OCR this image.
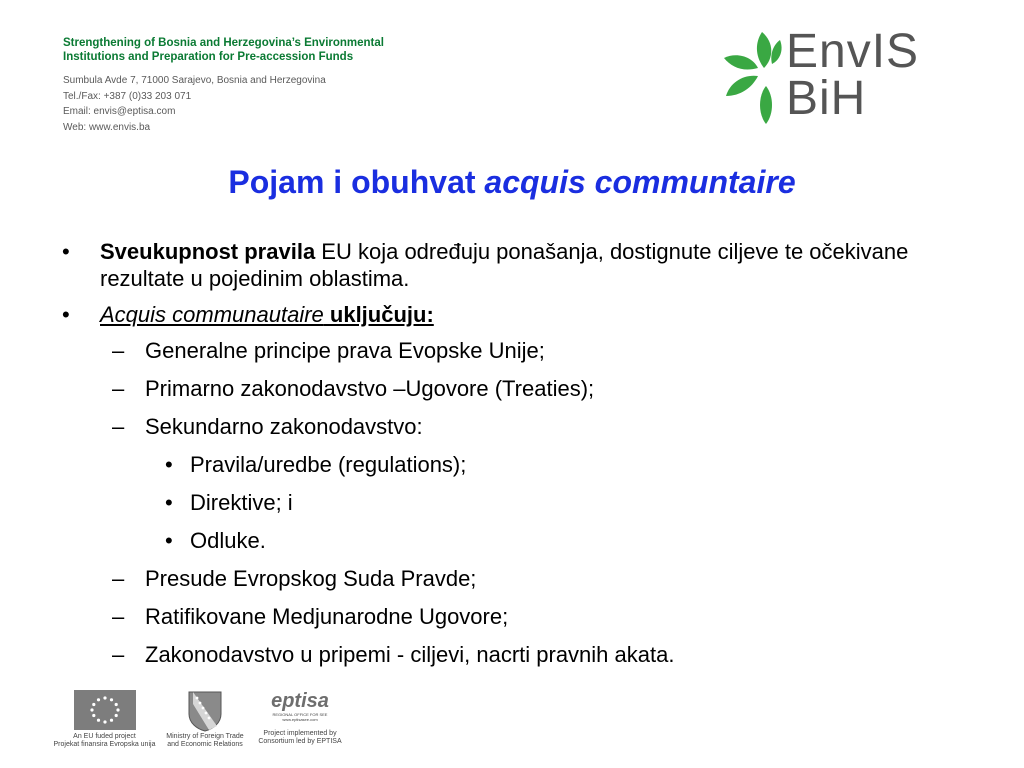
Strengthening of Bosnia and Herzegovina’s Environmental
Institutions and Preparation for Pre-accession Funds
Sumbula Avde 7, 71000 Sarajevo, Bosnia and Herzegovina
Tel./Fax: +387 (0)33 203 071
Email: envis@eptisa.com
Web: www.envis.ba
EnvIS
BiH
Pojam i obuhvat acquis communtaire
• Sveukupnost pravila EU koja određuju ponašanja, dostignute ciljeve te očekivane rezultate u pojedinim oblastima.
• Acquis communautaire uključuju:
– Generalne principe prava Evopske Unije;
– Primarno zakonodavstvo –Ugovore (Treaties);
– Sekundarno zakonodavstvo:
• Pravila/uredbe (regulations);
• Direktive; i
• Odluke.
– Presude Evropskog Suda Pravde;
– Ratifikovane Medjunarodne Ugovore;
– Zakonodavstvo u pripemi - ciljevi, nacrti pravnih akata.
An EU fuded project
Projekat finansira Evropska unija
Ministry of Foreign Trade
and Economic Relations
eptisa
REGIONAL OFFICE FOR SEE
www.eptisasee.com
Project implemented by
Consortium led by EPTISA
